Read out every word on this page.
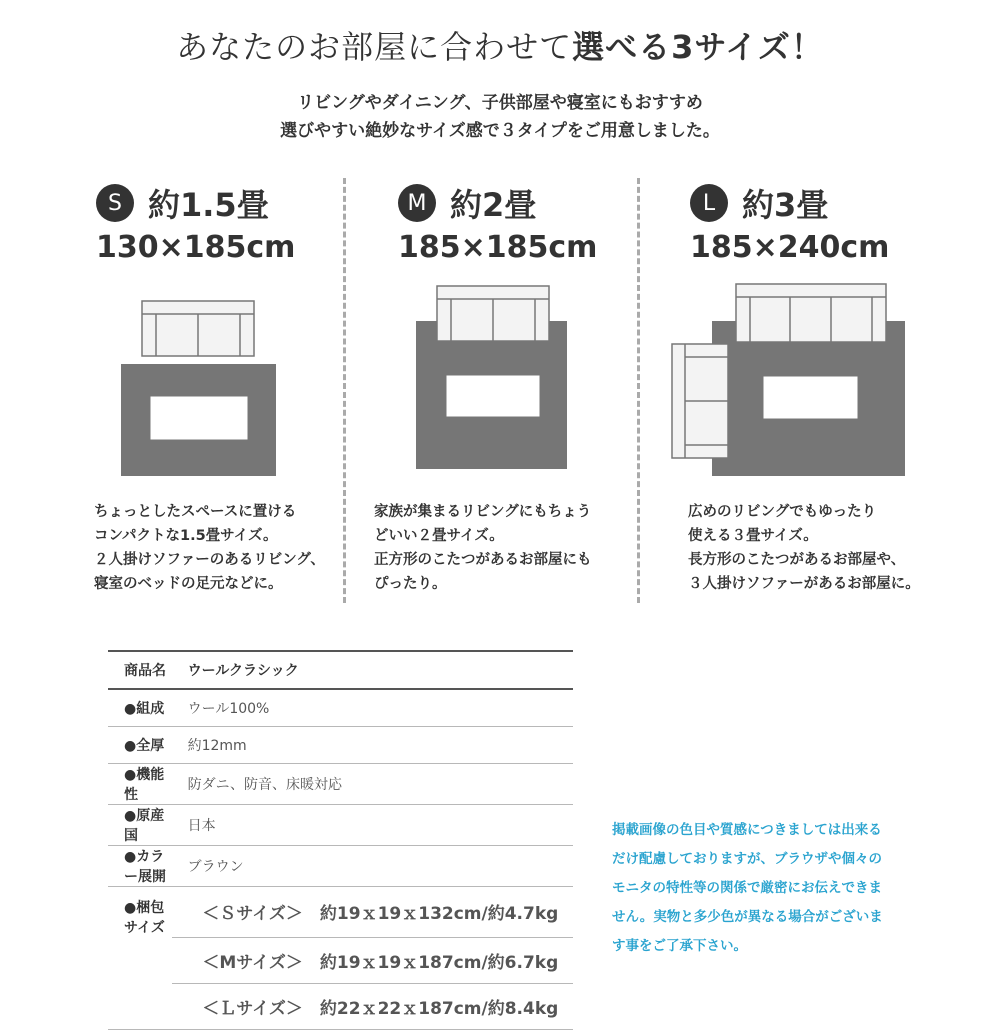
あなたのお部屋に合わせて選べる3サイズ！
リビングやダイニング、子供部屋や寝室にもおすすめ
選びやすい絶妙なサイズ感で３タイプをご用意しました。
S 約1.5畳
130×185cm
M 約2畳
185×185cm
L 約3畳
185×240cm
ちょっとしたスペースに置ける
コンパクトな1.5畳サイズ。
２人掛けソファーのあるリビング、
寝室のベッドの足元などに。
家族が集まるリビングにもちょう
どいい２畳サイズ。
正方形のこたつがあるお部屋にも
ぴったり。
広めのリビングでもゆったり
使える３畳サイズ。
長方形のこたつがあるお部屋や、
３人掛けソファーがあるお部屋に。
商品名	ウールクラシック
●組成	ウール100%
●全厚	約12mm
●機能性	防ダニ、防音、床暖対応
●原産国	日本
●カラー展開	ブラウン
●梱包サイズ	＜Ｓサイズ＞　約19ｘ19ｘ132cm/約4.7kg
	＜Mサイズ＞　約19ｘ19ｘ187cm/約6.7kg
	＜Ｌサイズ＞　約22ｘ22ｘ187cm/約8.4kg
掲載画像の色目や質感につきましては出来る
だけ配慮しておりますが、ブラウザや個々の
モニタの特性等の関係で厳密にお伝えできま
せん。実物と多少色が異なる場合がございま
す事をご了承下さい。
